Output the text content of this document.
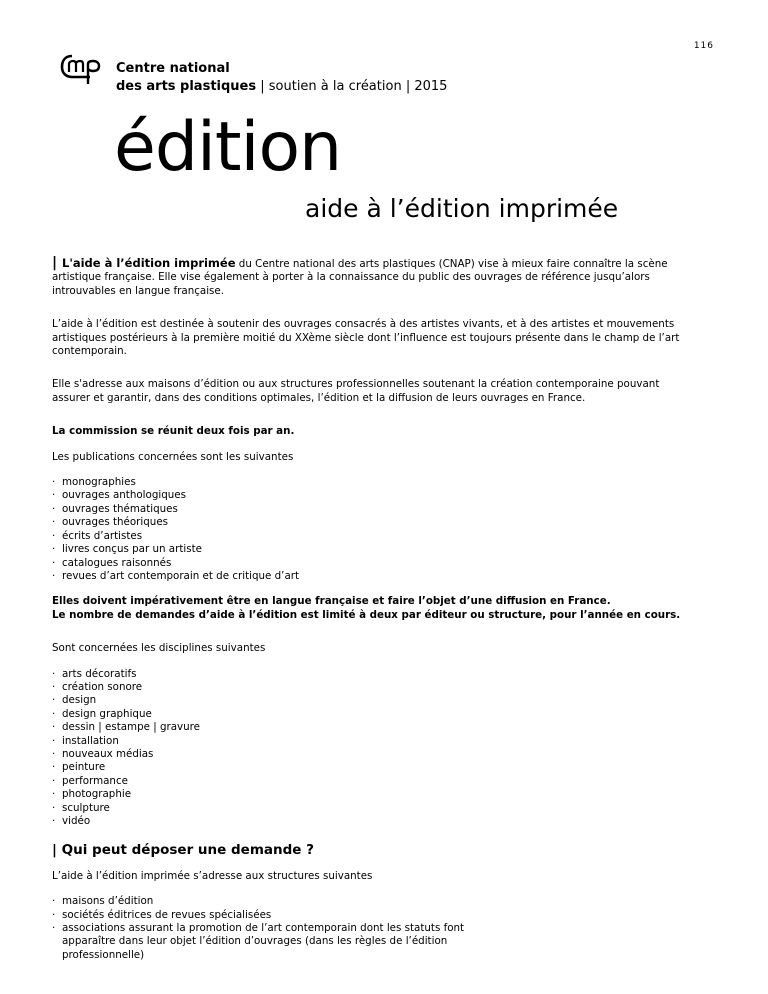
116
Centre national
des arts plastiques | soutien à la création | 2015
édition
aide à l’édition imprimée

| L'aide à l’édition imprimée du Centre national des arts plastiques (CNAP) vise à mieux faire connaître la scène artistique française. Elle vise également à porter à la connaissance du public des ouvrages de référence jusqu’alors introuvables en langue française.

L’aide à l’édition est destinée à soutenir des ouvrages consacrés à des artistes vivants, et à des artistes et mouvements artistiques postérieurs à la première moitié du XXème siècle dont l’influence est toujours présente dans le champ de l’art contemporain.

Elle s'adresse aux maisons d’édition ou aux structures professionnelles soutenant la création contemporaine pouvant assurer et garantir, dans des conditions optimales, l’édition et la diffusion de leurs ouvrages en France.

La commission se réunit deux fois par an.

Les publications concernées sont les suivantes

· monographies
· ouvrages anthologiques
· ouvrages thématiques
· ouvrages théoriques
· écrits d’artistes
· livres conçus par un artiste
· catalogues raisonnés
· revues d’art contemporain et de critique d’art

Elles doivent impérativement être en langue française et faire l’objet d’une diffusion en France.
Le nombre de demandes d’aide à l’édition est limité à deux par éditeur ou structure, pour l’année en cours.

Sont concernées les disciplines suivantes

· arts décoratifs
· création sonore
· design
· design graphique
· dessin | estampe | gravure
· installation
· nouveaux médias
· peinture
· performance
· photographie
· sculpture
· vidéo
| Qui peut déposer une demande ?

L’aide à l’édition imprimée s’adresse aux structures suivantes

· maisons d’édition
· sociétés éditrices de revues spécialisées
· associations assurant la promotion de l’art contemporain dont les statuts font apparaître dans leur objet l’édition d’ouvrages (dans les règles de l’édition professionnelle)
